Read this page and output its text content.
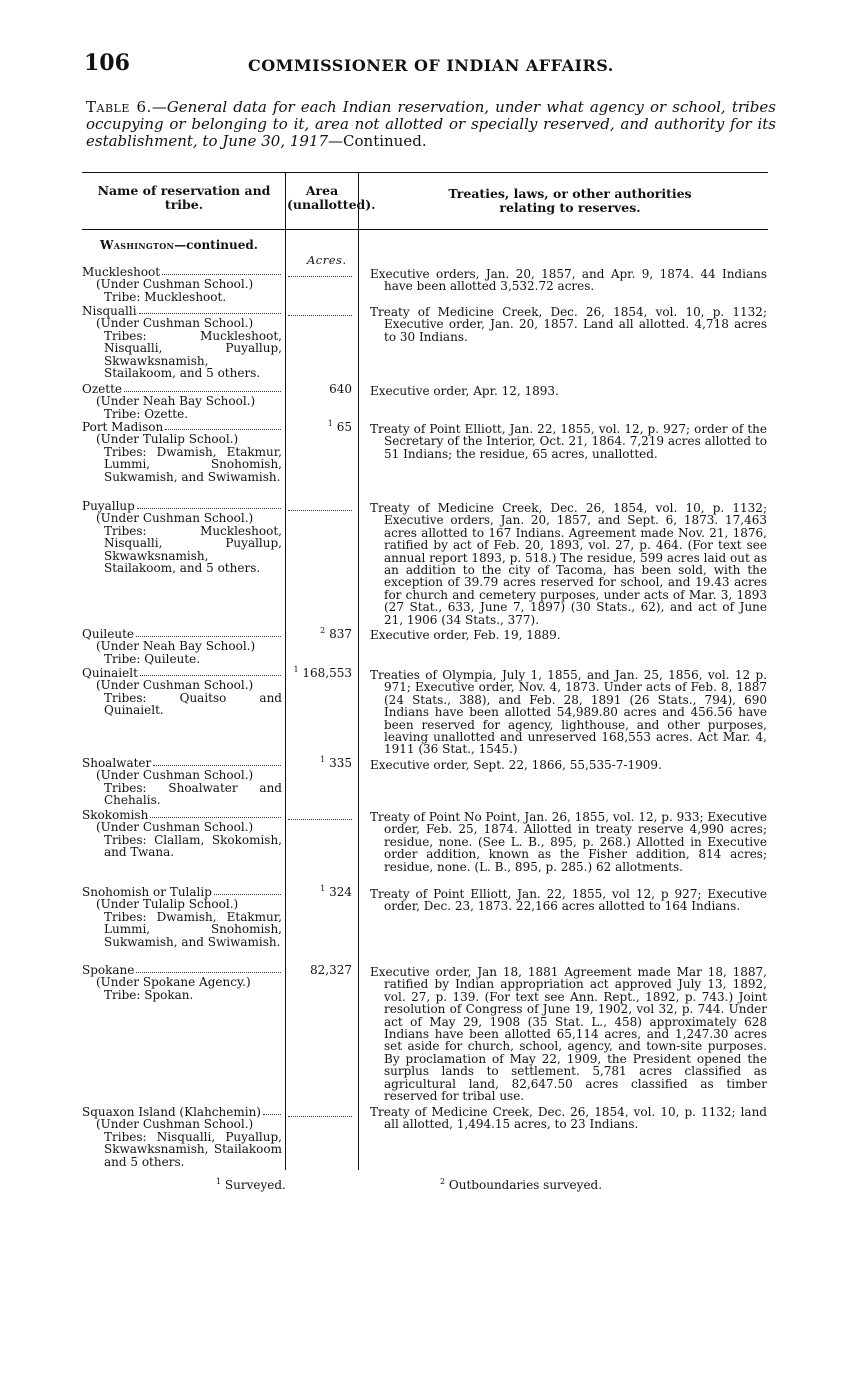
106	COMMISSIONER OF INDIAN AFFAIRS.
Table 6.—General data for each Indian reservation, under what agency or school, tribes occupying or belonging to it, area not allotted or specially reserved, and authority for its establishment, to June 30, 1917—Continued.
Name of reservation and tribe.
Area (unallotted).
Treaties, laws, or other authorities relating to reserves.
Washington—continued.
Acres.
Muckleshoot
(Under Cushman School.)
Tribe: Muckleshoot.
Executive orders, Jan. 20, 1857, and Apr. 9, 1874. 44 Indians have been allotted 3,532.72 acres.
Nisqualli
(Under Cushman School.)
Tribes: Muckleshoot, Nisqualli, Puyallup, Skwawksnamish, Stailakoom, and 5 others.
Treaty of Medicine Creek, Dec. 26, 1854, vol. 10, p. 1132; Executive order, Jan. 20, 1857. Land all allotted. 4,718 acres to 30 Indians.
Ozette
(Under Neah Bay School.)
Tribe: Ozette.
640 Executive order, Apr. 12, 1893.
Port Madison
(Under Tulalip School.)
Tribes: Dwamish, Etakmur, Lummi, Snohomish, Sukwamish, and Swiwamish.
$^1$ 65 Treaty of Point Elliott, Jan. 22, 1855, vol. 12, p. 927; order of the Secretary of the Interior, Oct. 21, 1864. 7,219 acres allotted to 51 Indians; the residue, 65 acres, unallotted.
Puyallup
(Under Cushman School.)
Tribes: Muckleshoot, Nisqualli, Puyallup, Skwawksnamish, Stailakoom, and 5 others.
Treaty of Medicine Creek, Dec. 26, 1854, vol. 10, p. 1132; Executive orders, Jan. 20, 1857, and Sept. 6, 1873. 17,463 acres allotted to 167 Indians. Agreement made Nov. 21, 1876, ratified by act of Feb. 20, 1893, vol. 27, p. 464. (For text see annual report 1893, p. 518.) The residue, 599 acres laid out as an addition to the city of Tacoma, has been sold, with the exception of 39.79 acres reserved for school, and 19.43 acres for church and cemetery purposes, under acts of Mar. 3, 1893 (27 Stat., 633, June 7, 1897) (30 Stats., 62), and act of June 21, 1906 (34 Stats., 377).
Quileute
(Under Neah Bay School.)
Tribe: Quileute.
$^2$ 837 Executive order, Feb. 19, 1889.
Quinaielt
(Under Cushman School.)
Tribes: Quaitso and Quinaielt.
$^1$ 168,553 Treaties of Olympia, July 1, 1855, and Jan. 25, 1856, vol. 12 p. 971; Executive order, Nov. 4, 1873. Under acts of Feb. 8, 1887 (24 Stats., 388), and Feb. 28, 1891 (26 Stats., 794), 690 Indians have been allotted 54,989.80 acres and 456.56 have been reserved for agency, lighthouse, and other purposes, leaving unallotted and unreserved 168,553 acres. Act Mar. 4, 1911 (36 Stat., 1545.)
Shoalwater
(Under Cushman School.)
Tribes: Shoalwater and Chehalis.
$^1$ 335 Executive order, Sept. 22, 1866, 55,535-7-1909.
Skokomish
(Under Cushman School.)
Tribes: Clallam, Skokomish, and Twana.
Treaty of Point No Point, Jan. 26, 1855, vol. 12, p. 933; Executive order, Feb. 25, 1874. Allotted in treaty reserve 4,990 acres; residue, none. (See L. B., 895, p. 268.) Allotted in Executive order addition, known as the Fisher addition, 814 acres; residue, none. (L. B., 895, p. 285.) 62 allotments.
Snohomish or Tulalip
(Under Tulalip School.)
Tribes: Dwamish, Etakmur, Lummi, Snohomish, Sukwamish, and Swiwamish.
$^1$ 324 Treaty of Point Elliott, Jan. 22, 1855, vol 12, p 927; Executive order, Dec. 23, 1873. 22,166 acres allotted to 164 Indians.
Spokane
(Under Spokane Agency.)
Tribe: Spokan.
82,327 Executive order, Jan 18, 1881 Agreement made Mar 18, 1887, ratified by Indian appropriation act approved July 13, 1892, vol. 27, p. 139. (For text see Ann. Rept., 1892, p. 743.) Joint resolution of Congress of June 19, 1902, vol 32, p. 744. Under act of May 29, 1908 (35 Stat. L., 458) approximately 628 Indians have been allotted 65,114 acres, and 1,247.30 acres set aside for church, school, agency, and town-site purposes. By proclamation of May 22, 1909, the President opened the surplus lands to settlement. 5,781 acres classified as agricultural land, 82,647.50 acres classified as timber reserved for tribal use.
Squaxon Island (Klahchemin)
(Under Cushman School.)
Tribes: Nisqualli, Puyallup, Skwawksnamish, Stailakoom and 5 others.
Treaty of Medicine Creek, Dec. 26, 1854, vol. 10, p. 1132; land all allotted, 1,494.15 acres, to 23 Indians.
$^1$ Surveyed.	$^2$ Outboundaries surveyed.
